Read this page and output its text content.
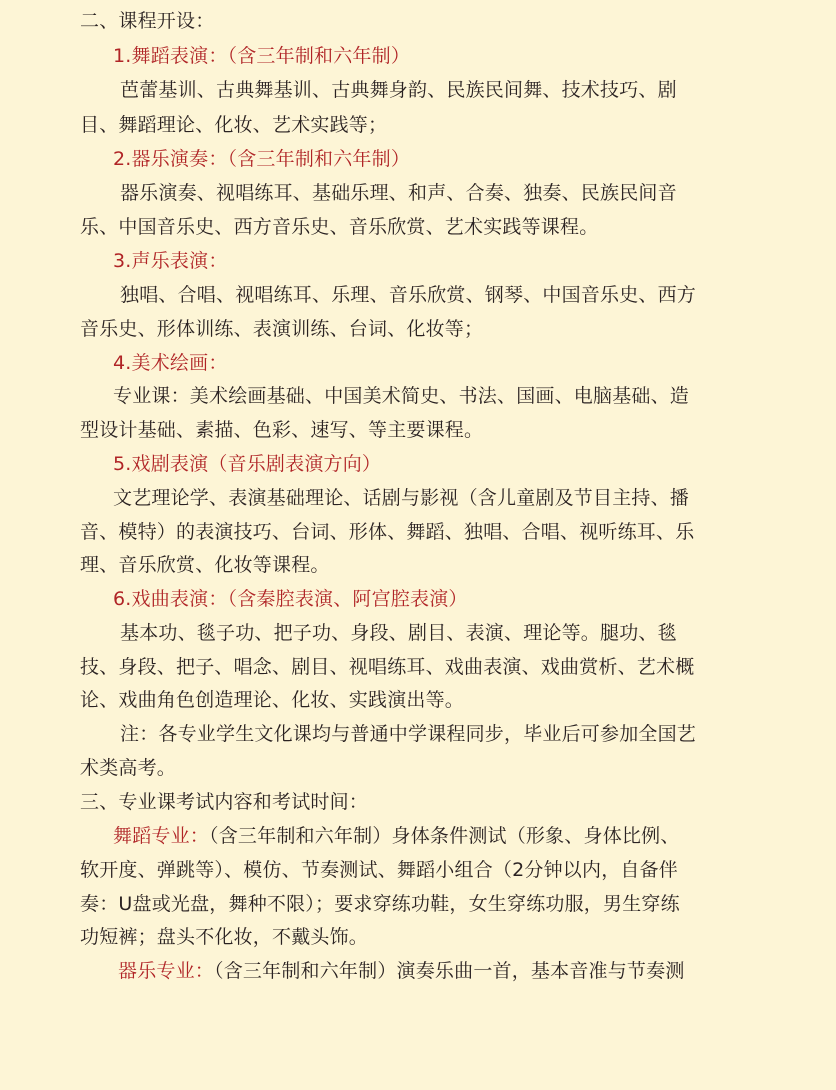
二、课程开设：
1.舞蹈表演：（含三年制和六年制）
芭蕾基训、古典舞基训、古典舞身韵、民族民间舞、技术技巧、剧
目、舞蹈理论、化妆、艺术实践等；
2.器乐演奏：（含三年制和六年制）
器乐演奏、视唱练耳、基础乐理、和声、合奏、独奏、民族民间音
乐、中国音乐史、西方音乐史、音乐欣赏、艺术实践等课程。
3.声乐表演：
独唱、合唱、视唱练耳、乐理、音乐欣赏、钢琴、中国音乐史、西方
音乐史、形体训练、表演训练、台词、化妆等；
4.美术绘画：
专业课：美术绘画基础、中国美术简史、书法、国画、电脑基础、造
型设计基础、素描、色彩、速写、等主要课程。
5.戏剧表演（音乐剧表演方向）
文艺理论学、表演基础理论、话剧与影视（含儿童剧及节目主持、播
音、模特）的表演技巧、台词、形体、舞蹈、独唱、合唱、视听练耳、乐
理、音乐欣赏、化妆等课程。
6.戏曲表演：（含秦腔表演、阿宫腔表演）
基本功、毯子功、把子功、身段、剧目、表演、理论等。腿功、毯
技、身段、把子、唱念、剧目、视唱练耳、戏曲表演、戏曲赏析、艺术概
论、戏曲角色创造理论、化妆、实践演出等。
注：各专业学生文化课均与普通中学课程同步，毕业后可参加全国艺
术类高考。
三、专业课考试内容和考试时间：
舞蹈专业：（含三年制和六年制）身体条件测试（形象、身体比例、
软开度、弹跳等）、模仿、节奏测试、舞蹈小组合（2分钟以内，自备伴
奏：U盘或光盘，舞种不限）；要求穿练功鞋，女生穿练功服，男生穿练
功短裤；盘头不化妆，不戴头饰。
器乐专业：（含三年制和六年制）演奏乐曲一首，基本音准与节奏测
